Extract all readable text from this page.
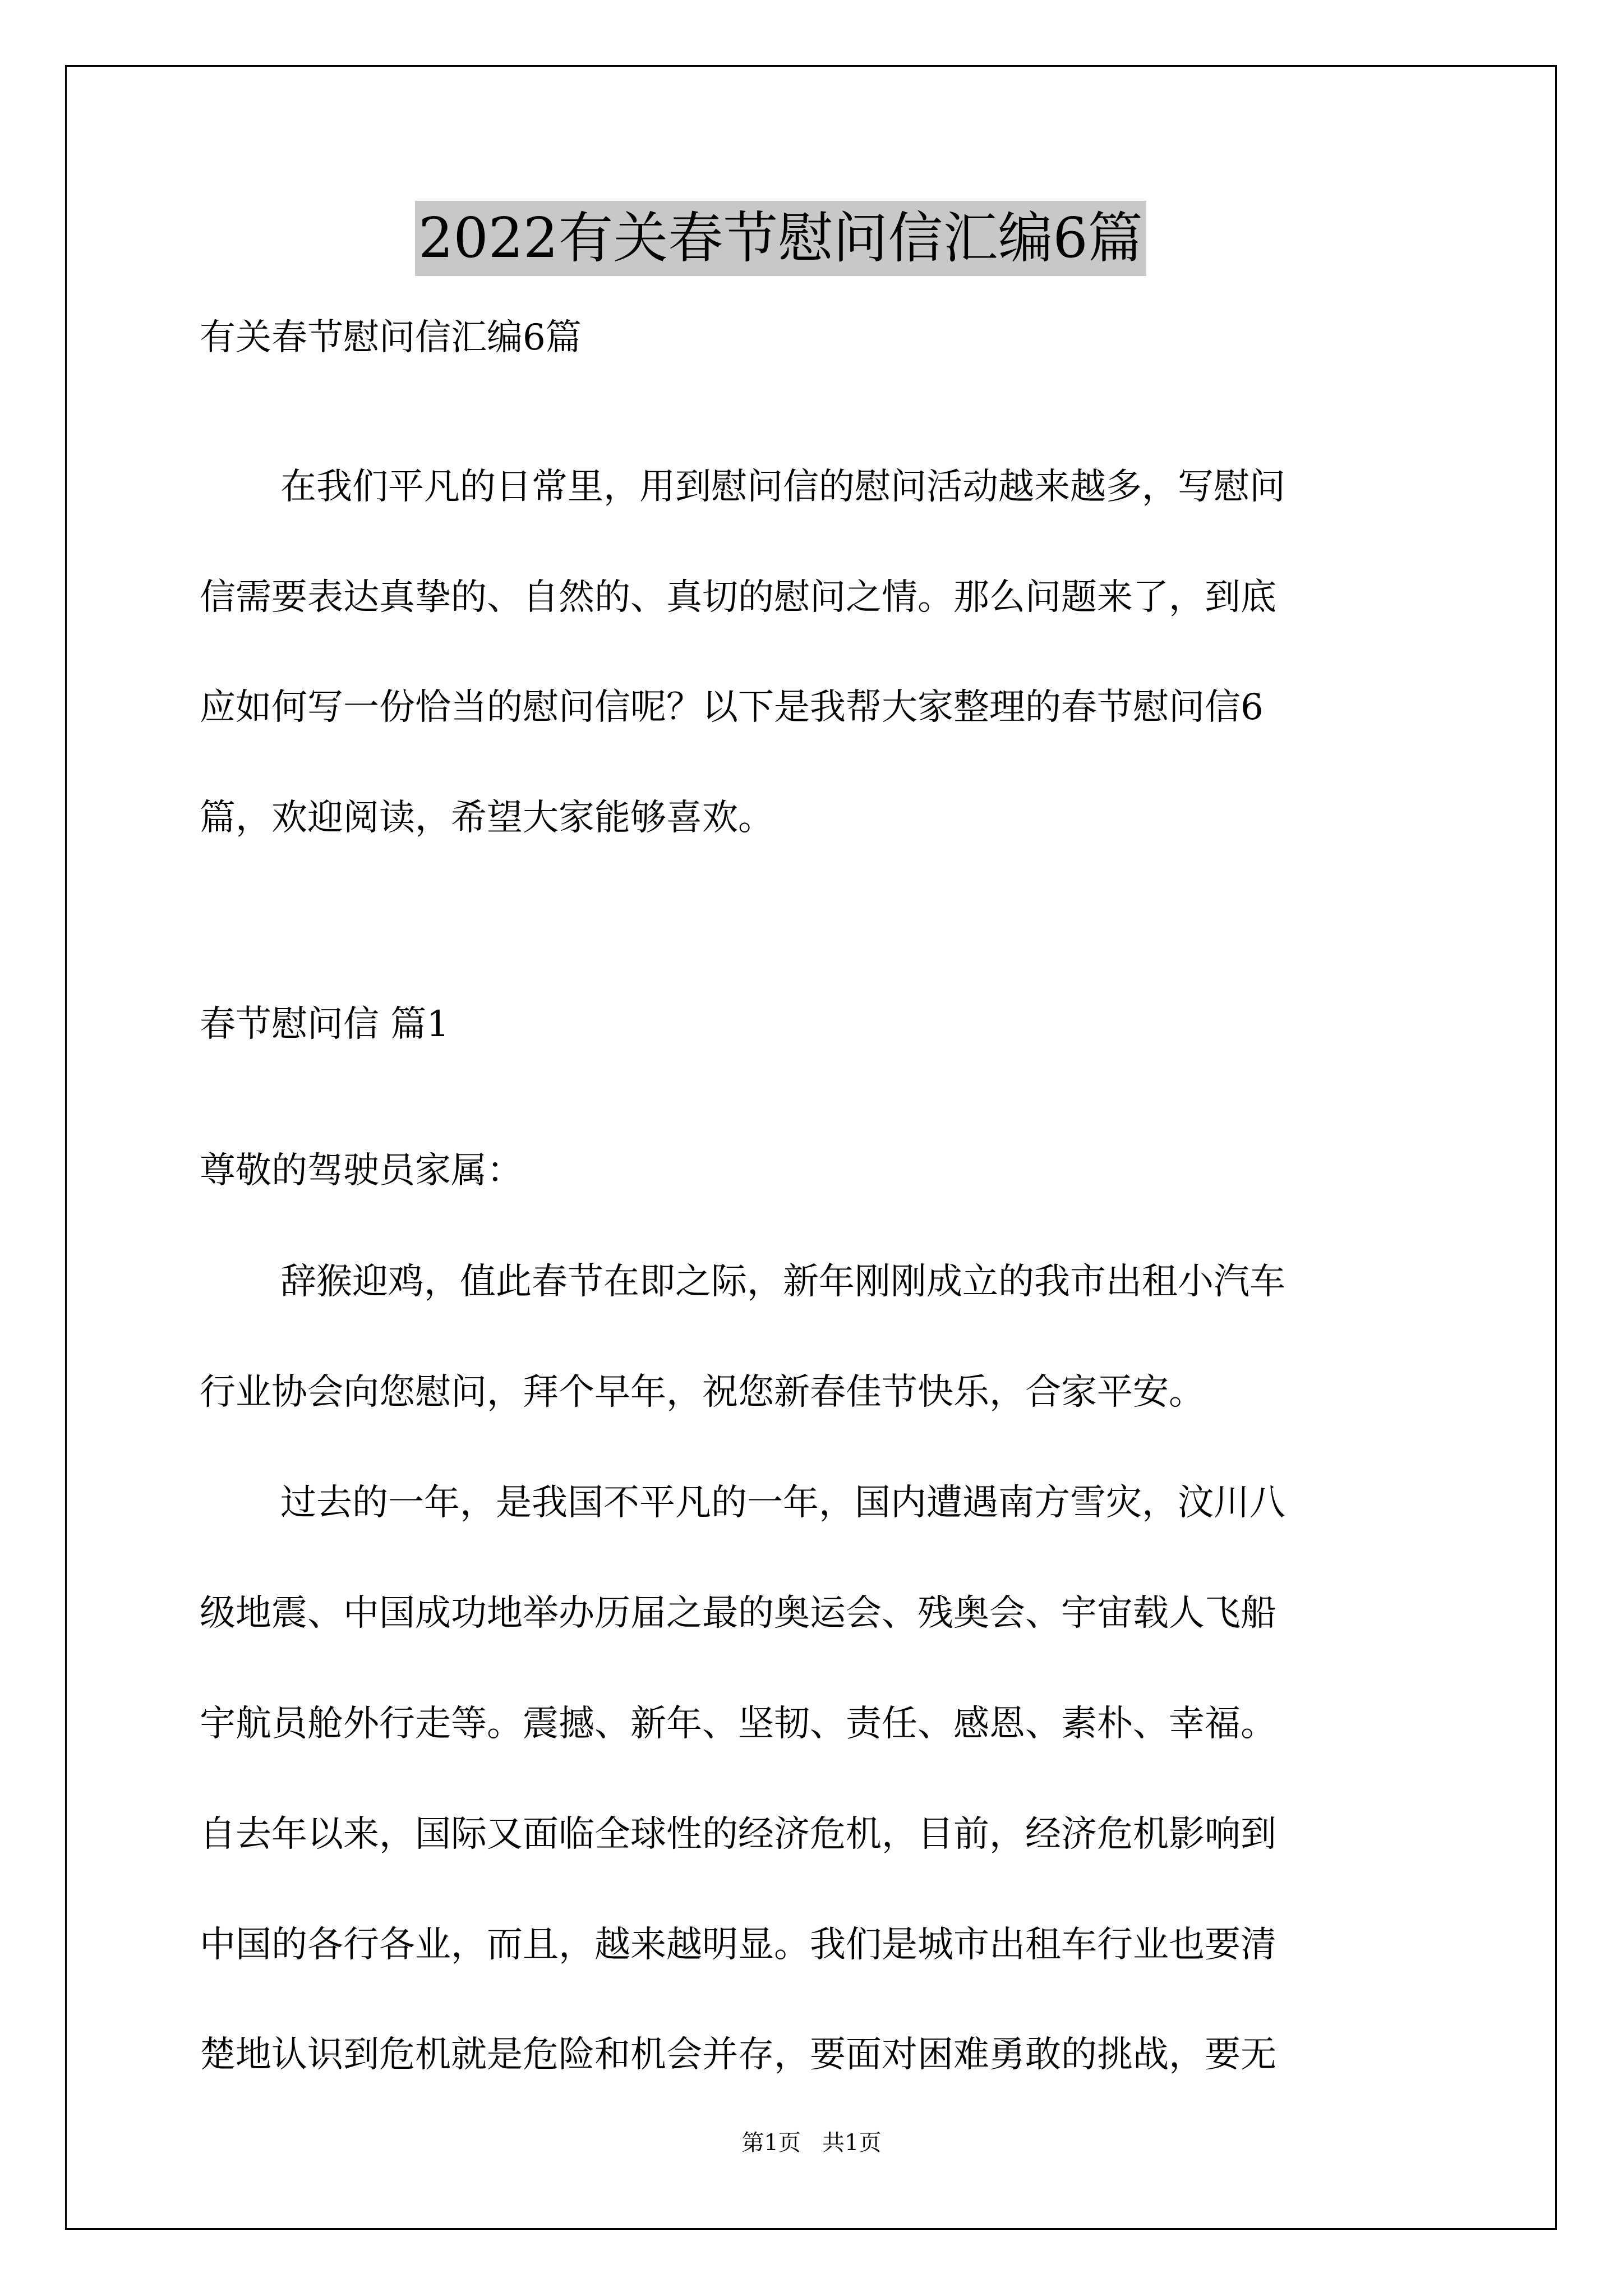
2022有关春节慰问信汇编6篇
有关春节慰问信汇编6篇
在我们平凡的日常里，用到慰问信的慰问活动越来越多，写慰问
信需要表达真挚的、自然的、真切的慰问之情。那么问题来了，到底
应如何写一份恰当的慰问信呢？以下是我帮大家整理的春节慰问信6
篇，欢迎阅读，希望大家能够喜欢。
春节慰问信 篇1
尊敬的驾驶员家属：
辞猴迎鸡，值此春节在即之际，新年刚刚成立的我市出租小汽车
行业协会向您慰问，拜个早年，祝您新春佳节快乐，合家平安。
过去的一年，是我国不平凡的一年，国内遭遇南方雪灾，汶川八
级地震、中国成功地举办历届之最的奥运会、残奥会、宇宙载人飞船
宇航员舱外行走等。震撼、新年、坚韧、责任、感恩、素朴、幸福。
自去年以来，国际又面临全球性的经济危机，目前，经济危机影响到
中国的各行各业，而且，越来越明显。我们是城市出租车行业也要清
楚地认识到危机就是危险和机会并存，要面对困难勇敢的挑战，要无
第1页   共1页
